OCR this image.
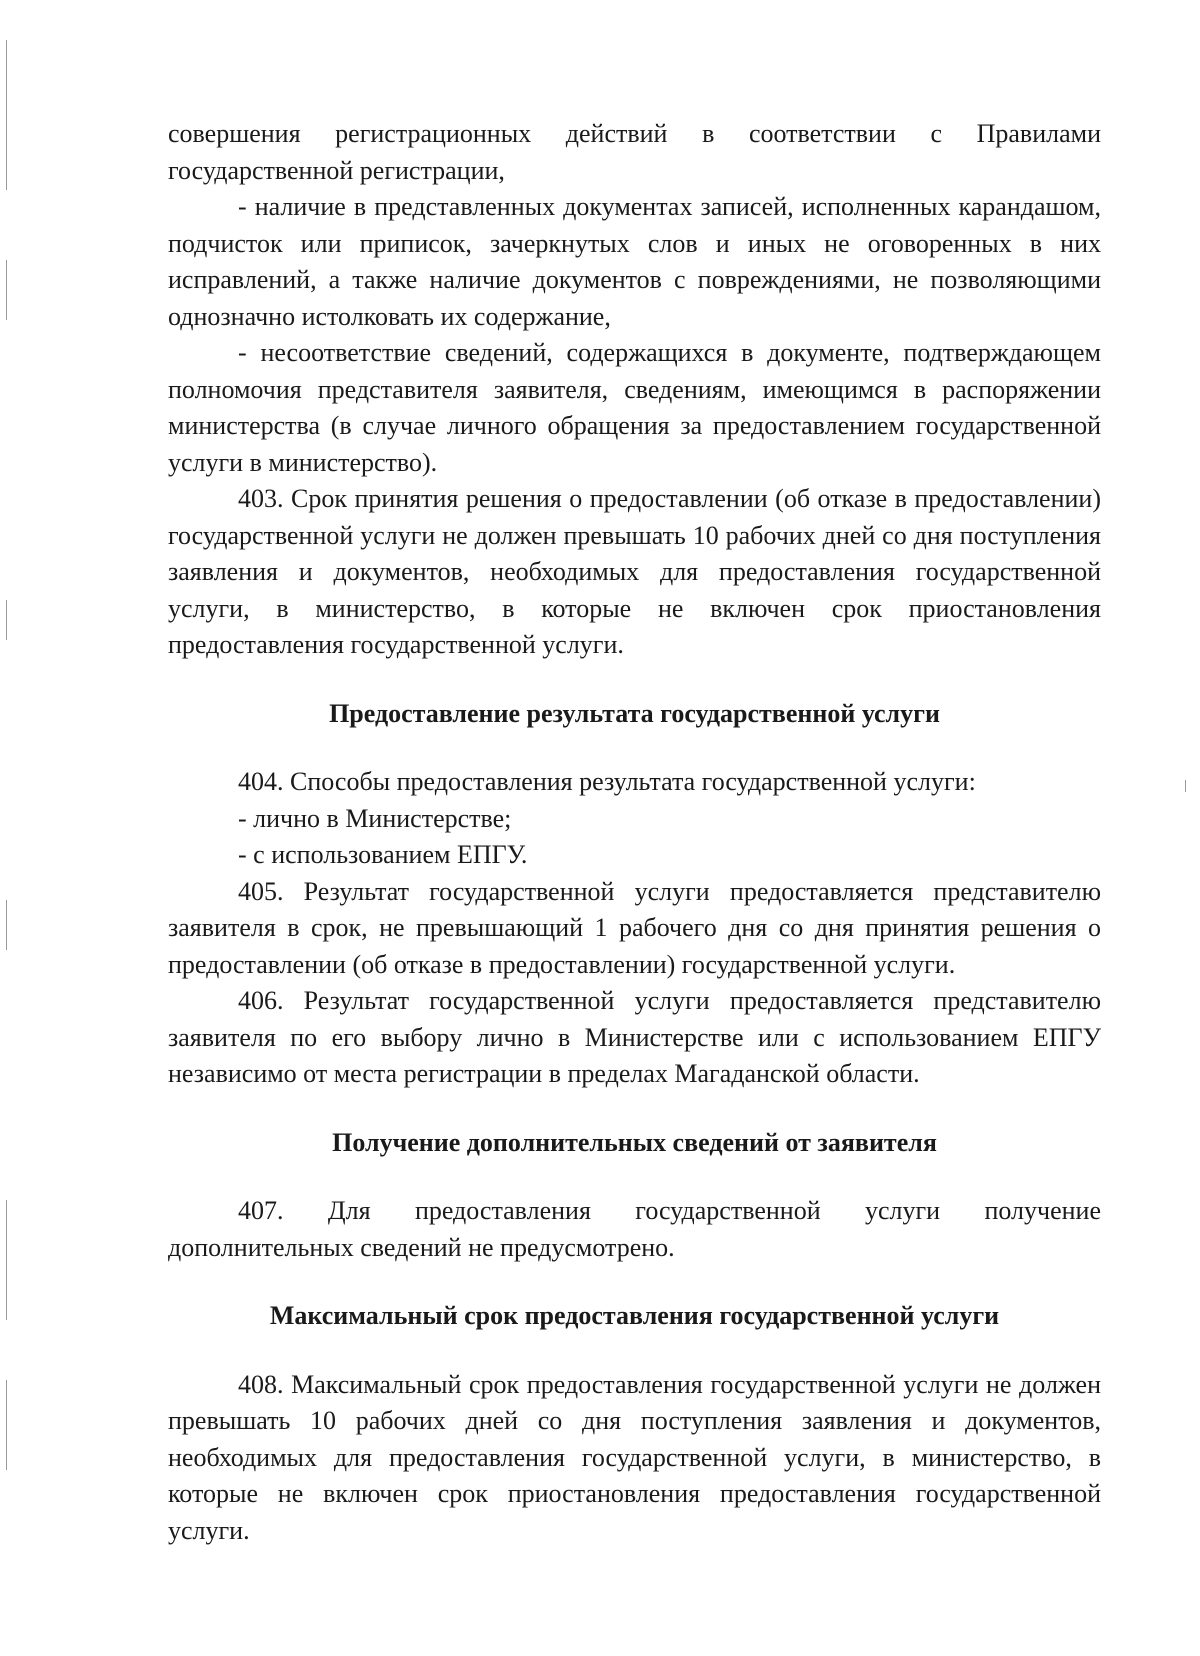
совершения регистрационных действий в соответствии с Правилами государственной регистрации,

- наличие в представленных документах записей, исполненных карандашом, подчисток или приписок, зачеркнутых слов и иных не оговоренных в них исправлений, а также наличие документов с повреждениями, не позволяющими однозначно истолковать их содержание,

- несоответствие сведений, содержащихся в документе, подтверждающем полномочия представителя заявителя, сведениям, имеющимся в распоряжении министерства (в случае личного обращения за предоставлением государственной услуги в министерство).

403. Срок принятия решения о предоставлении (об отказе в предоставлении) государственной услуги не должен превышать 10 рабочих дней со дня поступления заявления и документов, необходимых для предоставления государственной услуги, в министерство, в которые не включен срок приостановления предоставления государственной услуги.

Предоставление результата государственной услуги

404. Способы предоставления результата государственной услуги:

- лично в Министерстве;

- с использованием ЕПГУ.

405. Результат государственной услуги предоставляется представителю заявителя в срок, не превышающий 1 рабочего дня со дня принятия решения о предоставлении (об отказе в предоставлении) государственной услуги.

406. Результат государственной услуги предоставляется представителю заявителя по его выбору лично в Министерстве или с использованием ЕПГУ независимо от места регистрации в пределах Магаданской области.

Получение дополнительных сведений от заявителя

407. Для предоставления государственной услуги получение дополнительных сведений не предусмотрено.

Максимальный срок предоставления государственной услуги

408. Максимальный срок предоставления государственной услуги не должен превышать 10 рабочих дней со дня поступления заявления и документов, необходимых для предоставления государственной услуги, в министерство, в которые не включен срок приостановления предоставления государственной услуги.
